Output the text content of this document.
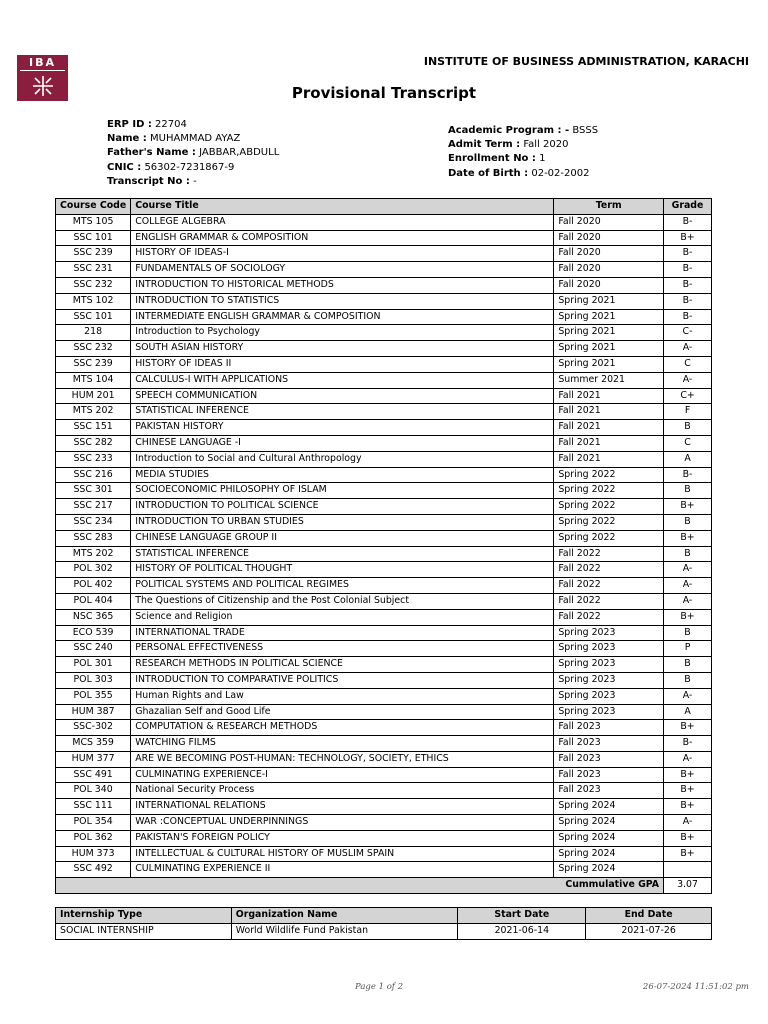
IBA	INSTITUTE OF BUSINESS ADMINISTRATION, KARACHI
Provisional Transcript
ERP ID : 22704
Name : MUHAMMAD AYAZ
Father's Name : JABBAR,ABDULL
CNIC : 56302-7231867-9
Transcript No : -
Academic Program : - BSSS
Admit Term : Fall 2020
Enrollment No : 1
Date of Birth : 02-02-2002
Course Code	Course Title	Term	Grade
MTS 105	COLLEGE ALGEBRA	Fall 2020	B-
SSC 101	ENGLISH GRAMMAR & COMPOSITION	Fall 2020	B+
SSC 239	HISTORY OF IDEAS-I	Fall 2020	B-
SSC 231	FUNDAMENTALS OF SOCIOLOGY	Fall 2020	B-
SSC 232	INTRODUCTION TO HISTORICAL METHODS	Fall 2020	B-
MTS 102	INTRODUCTION TO STATISTICS	Spring 2021	B-
SSC 101	INTERMEDIATE ENGLISH GRAMMAR & COMPOSITION	Spring 2021	B-
218	Introduction to Psychology	Spring 2021	C-
SSC 232	SOUTH ASIAN HISTORY	Spring 2021	A-
SSC 239	HISTORY OF IDEAS II	Spring 2021	C
MTS 104	CALCULUS-I WITH APPLICATIONS	Summer 2021	A-
HUM 201	SPEECH COMMUNICATION	Fall 2021	C+
MTS 202	STATISTICAL INFERENCE	Fall 2021	F
SSC 151	PAKISTAN HISTORY	Fall 2021	B
SSC 282	CHINESE LANGUAGE -I	Fall 2021	C
SSC 233	Introduction to Social and Cultural Anthropology	Fall 2021	A
SSC 216	MEDIA STUDIES	Spring 2022	B-
SSC 301	SOCIOECONOMIC PHILOSOPHY OF ISLAM	Spring 2022	B
SSC 217	INTRODUCTION TO POLITICAL SCIENCE	Spring 2022	B+
SSC 234	INTRODUCTION TO URBAN STUDIES	Spring 2022	B
SSC 283	CHINESE LANGUAGE GROUP II	Spring 2022	B+
MTS 202	STATISTICAL INFERENCE	Fall 2022	B
POL 302	HISTORY OF POLITICAL THOUGHT	Fall 2022	A-
POL 402	POLITICAL SYSTEMS AND POLITICAL REGIMES	Fall 2022	A-
POL 404	The Questions of Citizenship and the Post Colonial Subject	Fall 2022	A-
NSC 365	Science and Religion	Fall 2022	B+
ECO 539	INTERNATIONAL TRADE	Spring 2023	B
SSC 240	PERSONAL EFFECTIVENESS	Spring 2023	P
POL 301	RESEARCH METHODS IN POLITICAL SCIENCE	Spring 2023	B
POL 303	INTRODUCTION TO COMPARATIVE POLITICS	Spring 2023	B
POL 355	Human Rights and Law	Spring 2023	A-
HUM 387	Ghazalian Self and Good Life	Spring 2023	A
SSC-302	COMPUTATION & RESEARCH METHODS	Fall 2023	B+
MCS 359	WATCHING FILMS	Fall 2023	B-
HUM 377	ARE WE BECOMING POST-HUMAN: TECHNOLOGY, SOCIETY, ETHICS	Fall 2023	A-
SSC 491	CULMINATING EXPERIENCE-I	Fall 2023	B+
POL 340	National Security Process	Fall 2023	B+
SSC 111	INTERNATIONAL RELATIONS	Spring 2024	B+
POL 354	WAR :CONCEPTUAL UNDERPINNINGS	Spring 2024	A-
POL 362	PAKISTAN'S FOREIGN POLICY	Spring 2024	B+
HUM 373	INTELLECTUAL & CULTURAL HISTORY OF MUSLIM SPAIN	Spring 2024	B+
SSC 492	CULMINATING EXPERIENCE II	Spring 2024	
Cummulative GPA			3.07
Internship Type	Organization Name	Start Date	End Date
SOCIAL INTERNSHIP	World Wildlife Fund Pakistan	2021-06-14	2021-07-26
Page 1 of 2	26-07-2024 11:51:02 pm
